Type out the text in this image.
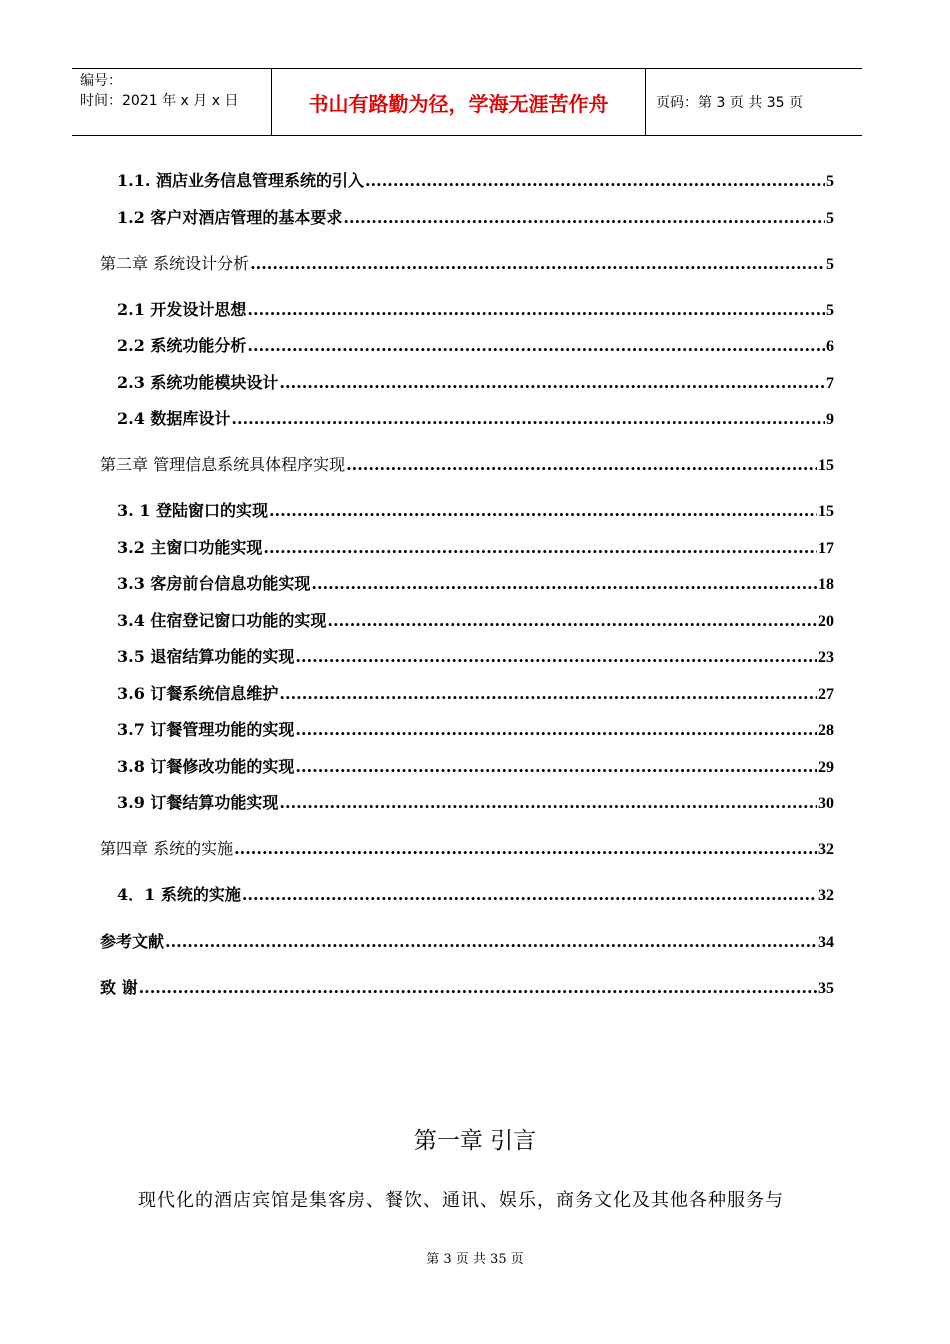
编号：
时间：2021 年 x 月 x 日	书山有路勤为径，学海无涯苦作舟	页码：第 3 页 共 35 页
1.1. 酒店业务信息管理系统的引入 .....	5
1.2 客户对酒店管理的基本要求 .....	5
第二章 系统设计分析 .....	5
2.1 开发设计思想 .....	5
2.2 系统功能分析 .....	6
2.3 系统功能模块设计 .....	7
2.4 数据库设计 .....	9
第三章 管理信息系统具体程序实现 .....	15
3. 1 登陆窗口的实现 .....	15
3.2 主窗口功能实现 .....	17
3.3 客房前台信息功能实现 .....	18
3.4 住宿登记窗口功能的实现 .....	20
3.5 退宿结算功能的实现 .....	23
3.6 订餐系统信息维护 .....	27
3.7 订餐管理功能的实现 .....	28
3.8 订餐修改功能的实现 .....	29
3.9 订餐结算功能实现 .....	30
第四章 系统的实施 .....	32
4．1 系统的实施 .....	32
参考文献 .....	34
致 谢 .....	35
第一章 引言
现代化的酒店宾馆是集客房、餐饮、通讯、娱乐，商务文化及其他各种服务与
第 3 页 共 35 页
